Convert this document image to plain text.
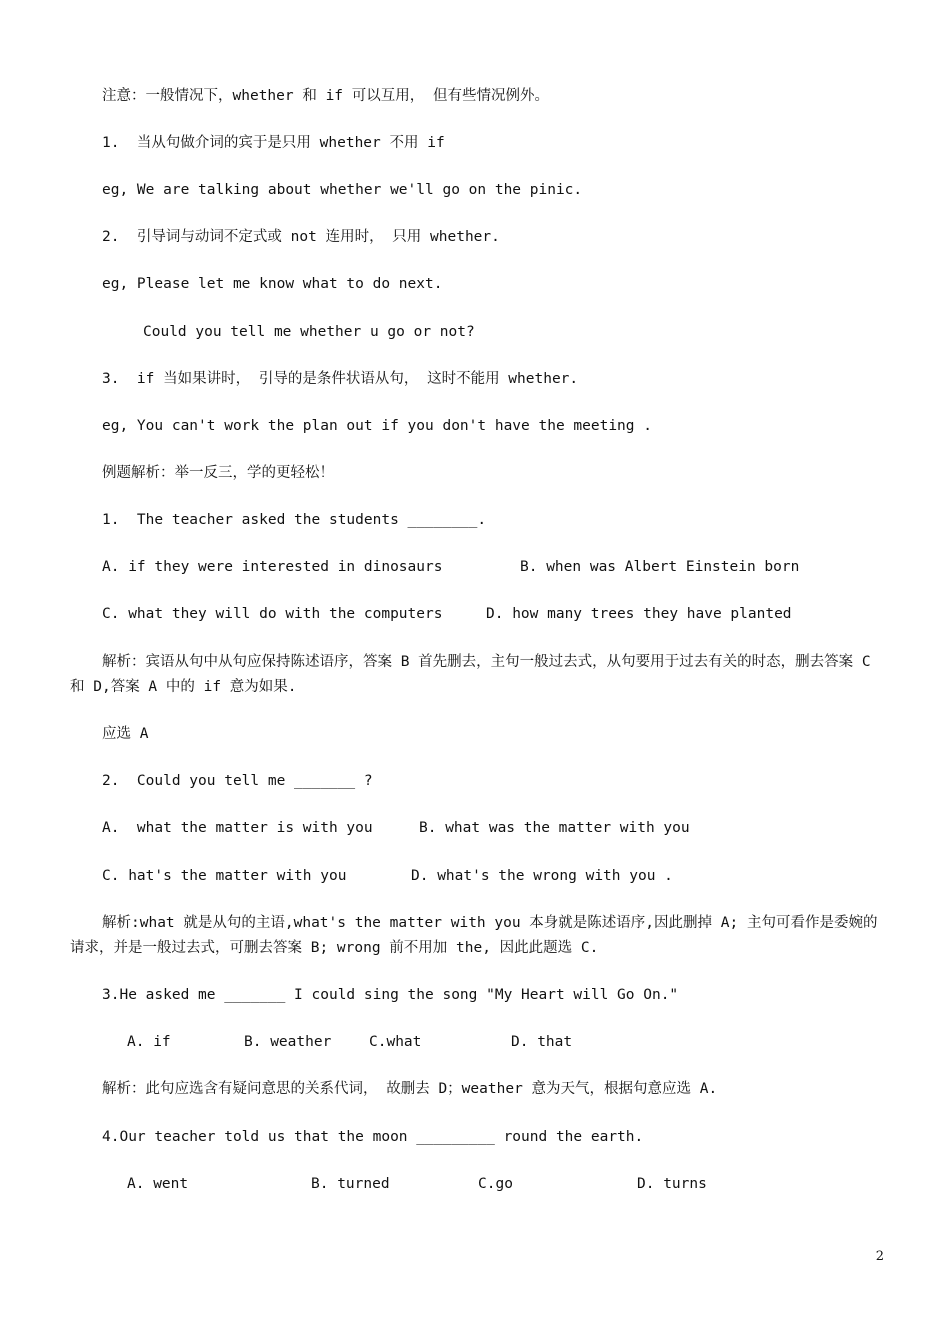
注意：一般情况下，whether 和 if 可以互用， 但有些情况例外。

1.  当从句做介词的宾于是只用 whether 不用 if

eg, We are talking about whether we'll go on the pinic.

2.  引导词与动词不定式或 not 连用时， 只用 whether.

eg, Please let me know what to do next.

Could you tell me whether u go or not?

3.  if 当如果讲时， 引导的是条件状语从句， 这时不能用 whether.

eg, You can't work the plan out if you don't have the meeting .

例题解析：举一反三，学的更轻松！

1.  The teacher asked the students ________.

A. if they were interested in dinosaurs	B. when was Albert Einstein born

C. what they will do with the computers	D. how many trees they have planted

解析：宾语从句中从句应保持陈述语序，答案 B 首先删去，主句一般过去式，从句要用于过去有关的时态，删去答案 C 和 D,答案 A 中的 if 意为如果.

应选 A

2.  Could you tell me _______ ?

A.  what the matter is with you	B. what was the matter with you

C. hat's the matter with you	D. what's the wrong with you .

解析:what 就是从句的主语,what's the matter with you 本身就是陈述语序,因此删掉 A; 主句可看作是委婉的请求，并是一般过去式，可删去答案 B; wrong 前不用加 the, 因此此题选 C.

3.He asked me _______ I could sing the song "My Heart will Go On."

A. if	B. weather	C.what	D. that

解析：此句应选含有疑问意思的关系代词， 故删去 D；weather 意为天气，根据句意应选 A.

4.Our teacher told us that the moon _________ round the earth.

A. went	B. turned	C.go	D. turns

2
